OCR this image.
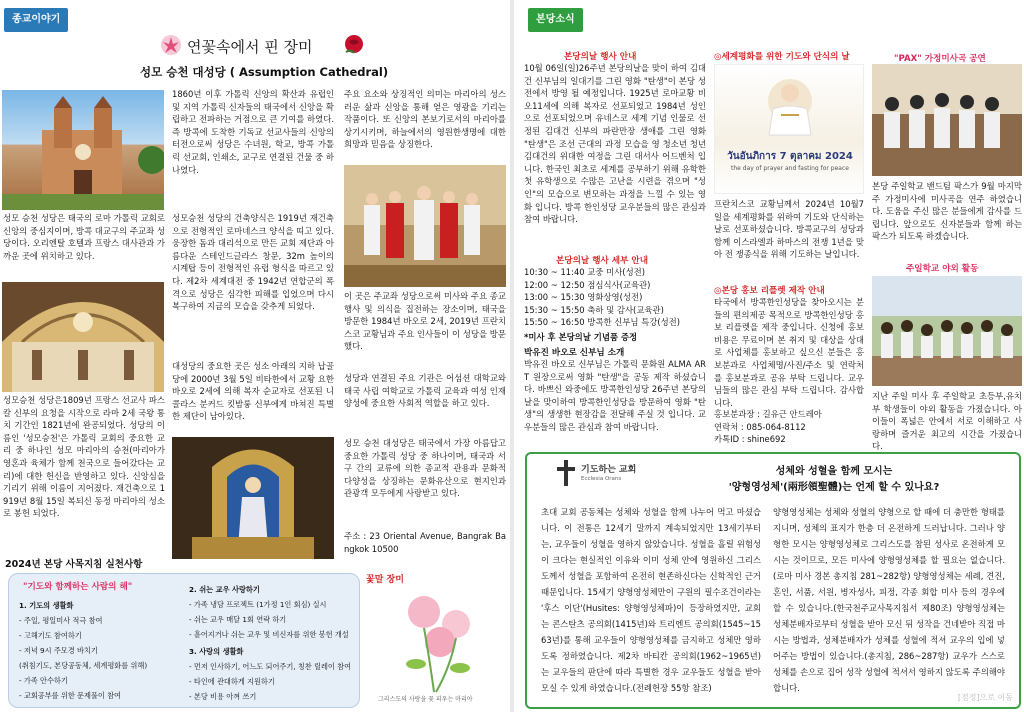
종교이야기
연꽃속에서 핀 장미
성모 승천 대성당 ( Assumption Cathedral)
성모 승천 성당은 태국의 로마 가톨릭 교회로 신앙의 중심지이며, 방콕 대교구의 주교좌 성당이다. 오리엔탈 호텔과 프랑스 대사관과 가까운 곳에 위치하고 있다.
성모승천 성당은1809년 프랑스 선교사 파스칼 신부의 요청을 시작으로 라마 2세 국왕 통치 기간인 1821년에 완공되었다. 성당의 이름인 '성모승천'은 가톨릭 교회의 중요한 교리 중 하나인 성모 마리아의 승천(마리아가 영혼과 육체가 함께 천국으로 들어갔다는 교리)에 대한 헌신을 반영하고 있다. 신앙심을 기리기 위해 이름이 지어졌다. 재건축으로 1919년 8월 15일 복되신 동정 마리아의 성소로 봉헌 되었다.
1860년 이후 가톨릭 신앙의 확산과 유럽인 및 지역 가톨릭 신자들의 태국에서 신앙을 확립하고 전파하는 거점으로 큰 기여를 하였다. 즉 방콕에 도착한 기독교 선교사들의 신앙의 터전으로써 성당은 수녀원, 학교, 방콕 가톨릭 선교회, 인쇄소, 교구로 연결된 건물 중 하나였다.
성모승천 성당의 건축양식은 1919년 재건축으로 전형적인 로마네스크 양식을 띠고 있다. 웅장한 돔과 대리석으로 만든 교회 제단과 아름다운 스테인드글라스 창문, 32m 높이의 시계탑 등이 전형적인 유럽 형식을 따르고 있다. 제2차 세계대전 중 1942년 연합군의 폭격으로 성당은 심각한 피해를 입었으며 다시 복구하여 지금의 모습을 갖추게 되었다.
대성당의 중요한 곳은 성소 아래의 지하 납골당에 2000년 3월 5일 비타한에서 교황 요한 바오로 2세에 의해 복자 순교자로 선포된 니콜라스 분커드 킷밤룽 신부에게 바쳐진 특별한 제단이 남아있다.
주요 요소와 상징적인 의미는 마리아의 성스러운 삶과 신앙을 통해 얻은 영광을 기리는 작품이다. 또 신앙의 본보기로서의 마리아를 상기시키며, 하늘에서의 영원한생명에 대한 희망과 믿음을 상징한다.
이 곳은 주교좌 성당으로써 미사와 주요 종교 행사 및 의식을 집전하는 장소이며, 태국을 방문한 1984년 바오로 2세, 2019년 프란치스코 교황님과 주요 인사들이 이 성당을 방문했다.
성당과 연결된 주요 기관은 어섬션 대학교와 태국 사립 여학교로 가톨릭 교육과 여성 인재 양성에 중요한 사회적 역할을 하고 있다.
성모 승천 대성당은 태국에서 가장 아름답고 중요한 가톨릭 성당 중 하나이며, 태국과 서구 간의 교류에 의한 종교적 관용과 문화적 다양성을 상징하는 문화유산으로 현지인과 관광객 모두에게 사랑받고 있다.
주소 : 23 Oriental Avenue, Bangrak Bangkok 10500
2024년 본당 사목지침 실천사항
"기도와 함께하는 사람의 해"
1. 기도의 생활화
- 주일, 평일미사 적극 참여
- 고해기도 참여하기
- 저녁 9시 주모경 바치기
(취침기도, 본당공동체, 세계평화를 위해)
- 가족 안수하기
- 교회공부를 위한 문제풀이 참여
2. 쉬는 교우 사랑하기
- 가족 냉담 프로젝트 (1가정 1인 회심) 실시
- 쉬는 교우 매달 1회 연락 하기
- 흩어지거나 쉬는 교우 및 비신자를 위한 봉헌 개설
3. 사랑의 생활화
- 먼저 인사하기, 어느도 되어주기, 칭찬 릴레이 참여
- 타인에 관대하게 지원하기
- 본당 비용 아껴 쓰기
꽃말 장미
그리스도의 사랑을 꽃 피우는 마리아
본당소식
본당의날 행사 안내
10월 06일(일)26주년 본당의날을 맞이 하여 김대건 신부님의 일대기를 그린 영화 "탄생"이 본당 성전에서 방영 될 예정입니다. 1925년 로마교황 비오11세에 의해 복자로 선포되었고 1984년 성인으로 선포되었으며 유네스코 세계 기념 인물로 선정된 김대건 신부의 파란만장 생애를 그린 영화 "탄생"은 조선 근대의 과정 모습을 영 청소년 청년 김대건의 위대한 여정을 그린 대서사 어드벤처 입니다. 한국인 최초로 세계를 공부하기 위해 유학한 첫 유학생으로 수많은 고난을 시련을 겪으며 "성인"의 모습으로 변모하는 과정을 느낄 수 있는 영화 입니다. 방콕 한인성당 교우분들의 많은 관심과 참여 바랍니다.
본당의날 행사 세부 안내
10:30 ~ 11:40 교중 미사(성전)
12:00 ~ 12:50 점심식사(교육관)
13:00 ~ 15:30 영화상영(성전)
15:30 ~ 15:50 축하 및 감사(교육관)
15:50 ~ 16:50 방콕한 신부님 특강(성전)
*미사 후 본당의날 기념품 증정
박유진 바오로 신부님 소개
박유진 바오로 신부님은 가톨릭 문화원 ALMA ART 원장으로써 영화 "탄생"을 공동 제작 하셨습니다. 바쁘신 와중에도 방콕한인성당 26주년 본당의날을 맞이하여 방콕한인성당을 방문하여 영화 "탄생"의 생생한 현장감을 전달해 주실 것 입니다. 교우분들의 많은 관심과 참여 바랍니다.
◎세계평화를 위한 기도와 단식의 날
วันอันภิการ 7 ตุลาคม 2024
the day of prayer and fasting for peace
프란치스코 교황님께서 2024년 10월7일을 세계평화를 위하여 기도와 단식하는 날로 선포하셨습니다. 방콕교구의 성당과 함께 이스라엘과 하마스의 전쟁 1년을 맞아 전 쟁종식을 위해 기도하는 날입니다.
◎본당 홍보 리플렛 제작 안내
타국에서 방콕한인성당을 찾아오시는 분들의 편의제공 목적으로 방콕한인성당 홍보 리플렛을 제작 중입니다. 신청에 홍보 비용은 무료이며 본 취지 및 대상을 상대로 사업체를 홍보하고 싶으신 분들은 홍보분과로 사업체명/사진/주소 및 연락처를 홍보분과로 공유 부탁 드립니다. 교우님들의 많은 관심 부탁 드립니다. 감사합니다.
홍보분과장 : 길유근 안드레아
연락처 : 085-064-8112
카톡ID : shine692
"PAX" 가정미사곡 공연
본당 주일학교 밴드팀 팍스가 9월 마지막주 가정미사에 미사곡을 연주 하였습니다. 도움을 주신 많은 분들에게 감사를 드립니다. 앞으로도 신자분들과 함께 하는 팍스가 되도록 하겠습니다.
주일학교 야외 활동
지난 주일 미사 후 주일학교 초등부,유치부 학생들이 야외 활동을 가졌습니다. 아이들이 폭넓은 안에서 서로 이해하고 사랑하며 즐거운 최고의 시간을 가졌습니다.
기도하는 교회
Ecclesia Orans
성체와 성혈을 함께 모시는
'양형영성체'(兩形領聖體)는 언제 할 수 있나요?
초대 교회 공동체는 성체와 성혈을 함께 나누어 먹고 마셨습니다. 이 전통은 12세기 말까지 계속되었지만 13세기부터는, 교우들이 성혈을 영하지 않았습니다. 성혈을 흘릴 위험성이 크다는 현실적인 이유와 이미 성체 안에 영원하신 그리스도께서 성혈을 포함하여 온전히 현존하신다는 신학적인 근거 때문입니다. 15세기 양형영성체만이 구원의 필수조건이라는 '후스 이단'(Husites: 양형영성체파)이 등장하였지만, 교회는 콘스탄츠 공의회(1415년)와 트리엔트 공의회(1545~1563년)를 통해 교우들이 양형영성체를 금지하고 성체만 영하도록 정하였습니다. 제2차 바티칸 공의회(1962~1965년)는 교우들의 판단에 따라 특별한 경우 교우들도 성혈을 받아 모실 수 있게 하였습니다.(전례헌장 55항 참조)
양형영성체는 성체와 성혈의 양형으로 할 때에 더 충만한 형태를 지니며, 성체의 표지가 한층 더 온전하게 드러납니다. 그러나 양형한 모시는 양형영성체로 그리스도를 참된 성사로 온전하게 모시는 것이므로, 모든 미사에 양형영성체를 할 필요는 없습니다.(로마 미사 경본 총지침 281~282항) 양형영성체는 세례, 견진, 혼인, 서품, 서원, 병자성사, 피정, 각종 회합 미사 등의 경우에 할 수 있습니다.(한국천주교사목지침서 제80조) 양형영성체는 성체분배자로부터 성혈을 받아 모신 뒤 성작을 건네받아 직접 마시는 방법과, 성체분배자가 성체를 성혈에 적셔 교우의 입에 넣어주는 방법이 있습니다.(총지침, 286~287항) 교우가 스스로 성체를 손으로 집어 성작 성혈에 적셔서 영하지 않도록 주의해야 합니다.
[점정]으로 이동
